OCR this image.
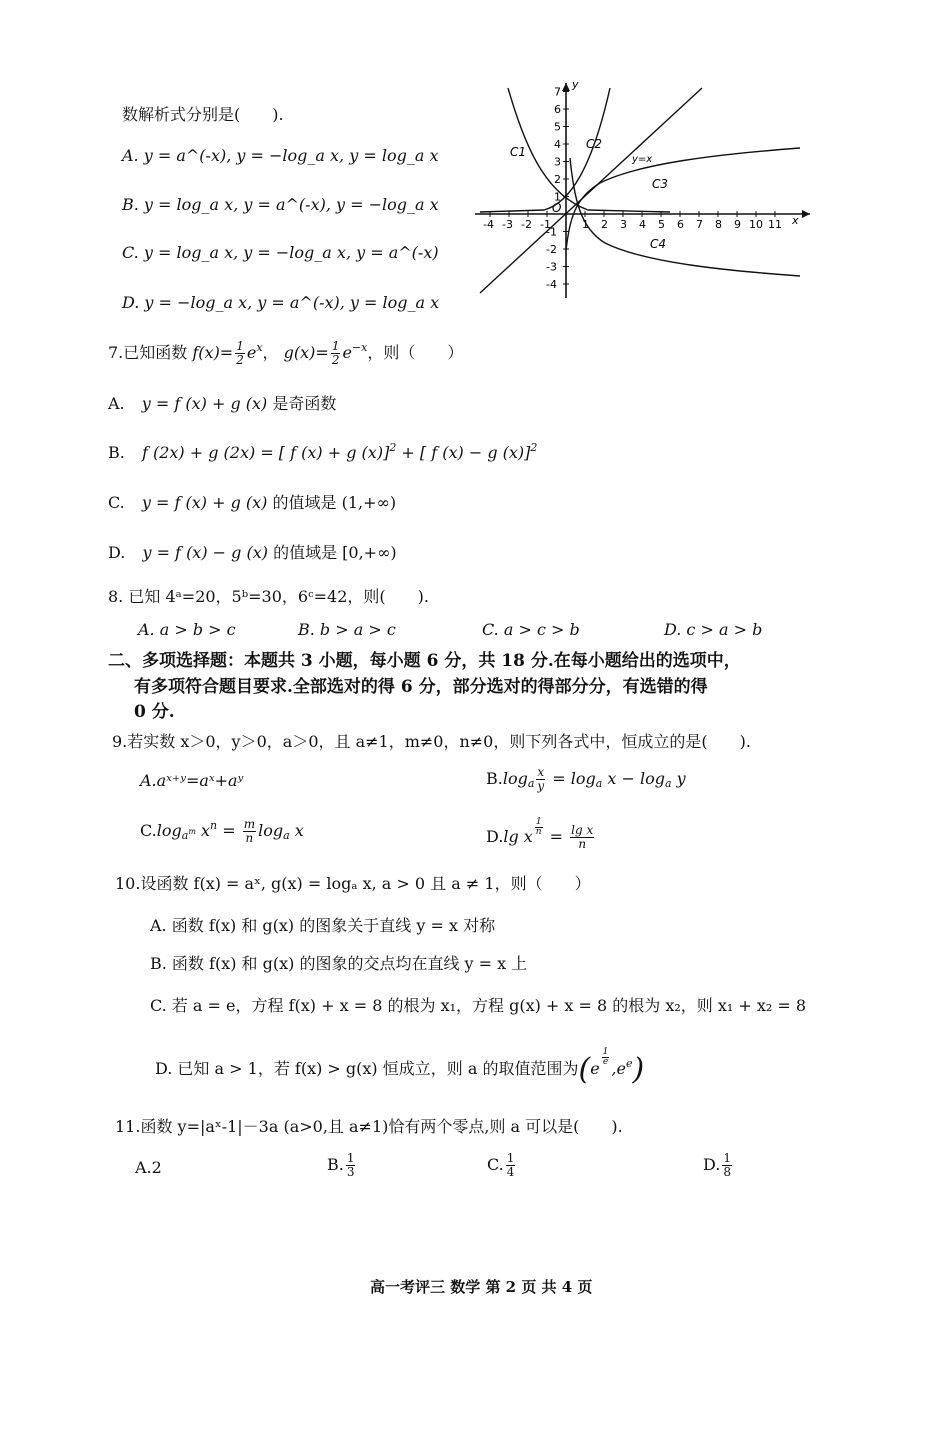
数解析式分别是(　　).
A. y = a^(-x), y = −log_a x, y = log_a x
B. y = log_a x, y = a^(-x), y = −log_a x
C. y = log_a x, y = −log_a x, y = a^(-x)
D. y = −log_a x, y = a^(-x), y = log_a x
-4 -3 -2 -1	1 2 3 4 5 6 7 8 9 10 11
7
6
5
4
3
2
1
-1
-2
-3
-4
x
y
O
C1
C2
y=x
C3
C4
7.已知函数 $f(x)= \frac{1}{2} e^x$， $g(x)= \frac{1}{2} e^{-x}$，则（　　）
A. y = f (x) + g (x) 是奇函数
B. f (2x) + g (2x) = [ f (x) + g (x)]$^2$ + [ f (x) − g (x)]$^2$
C. y = f (x) + g (x) 的值域是 (1,+∞)
D. y = f (x) − g (x) 的值域是 [0,+∞)
8. 已知 4ᵃ=20，5ᵇ=30，6ᶜ=42，则(　　).
A. a > b > c	B. b > a > c	C. a > c > b	D. c > a > b
二、多项选择题：本题共 3 小题，每小题 6 分，共 18 分.在每小题给出的选项中，
有多项符合题目要求.全部选对的得 6 分，部分选对的得部分分，有选错的得
0 分.
9.若实数 x＞0，y＞0，a＞0，且 a≠1，m≠0，n≠0，则下列各式中，恒成立的是(　　).
A.aˣ⁺ʸ=aˣ+aʸ	$B.\log_a \frac{x}{y} = \log_a x - \log_a y$
$C.\log_{a^m}$ $x^n = \frac{m}{n} \log_a x$	D.lg x $\frac{1}{n} = \frac{\text{lg x}}{n}$
10.设函数 f(x) = aˣ, g(x) = logₐ x, a > 0 且 a ≠ 1，则（　　）
A. 函数 f(x) 和 g(x) 的图象关于直线 y = x 对称
B. 函数 f(x) 和 g(x) 的图象的交点均在直线 y = x 上
C. 若 a = e，方程 f(x) + x = 8 的根为 x₁，方程 g(x) + x = 8 的根为 x₂，则 x₁ + x₂ = 8
D. 已知 a > 1，若 f(x) > g(x) 恒成立，则 a 的取值范围为(e
$\frac{1}{e}$
$,e^e$)
11.函数 y=|aˣ-1|－3a (a>0,且 a≠1)恰有两个零点,则 a 可以是(　　).
A.2	B. $\frac{1}{3}$	C. $\frac{1}{4}$	D. $\frac{1}{8}$
高一考评三 数学 第 2 页 共 4 页
